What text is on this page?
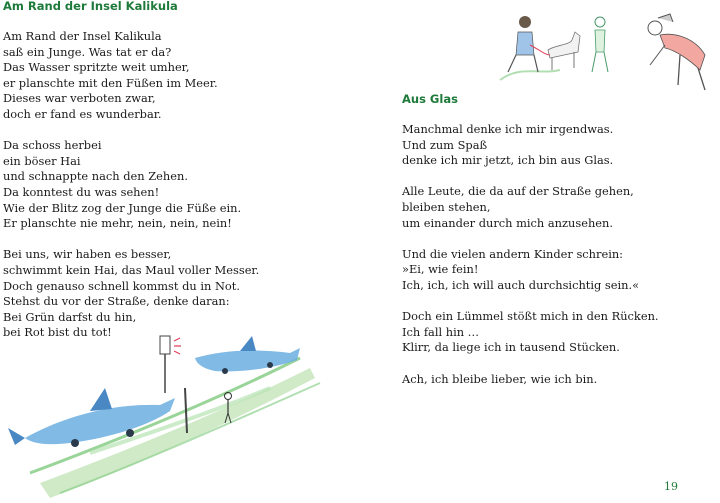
Am Rand der Insel Kalikula
Am Rand der Insel Kalikula
saß ein Junge. Was tat er da?
Das Wasser spritzte weit umher,
er planschte mit den Füßen im Meer.
Dieses war verboten zwar,
doch er fand es wunderbar.
Da schoss herbei
ein böser Hai
und schnappte nach den Zehen.
Da konntest du was sehen!
Wie der Blitz zog der Junge die Füße ein.
Er planschte nie mehr, nein, nein, nein!
Bei uns, wir haben es besser,
schwimmt kein Hai, das Maul voller Messer.
Doch genauso schnell kommst du in Not.
Stehst du vor der Straße, denke daran:
Bei Grün darfst du hin,
bei Rot bist du tot!
Aus Glas
Manchmal denke ich mir irgendwas.
Und zum Spaß
denke ich mir jetzt, ich bin aus Glas.
Alle Leute, die da auf der Straße gehen,
bleiben stehen,
um einander durch mich anzusehen.
Und die vielen andern Kinder schrein:
»Ei, wie fein!
Ich, ich, ich will auch durchsichtig sein.«
Doch ein Lümmel stößt mich in den Rücken.
Ich fall hin …
Klirr, da liege ich in tausend Stücken.
Ach, ich bleibe lieber, wie ich bin.
19
